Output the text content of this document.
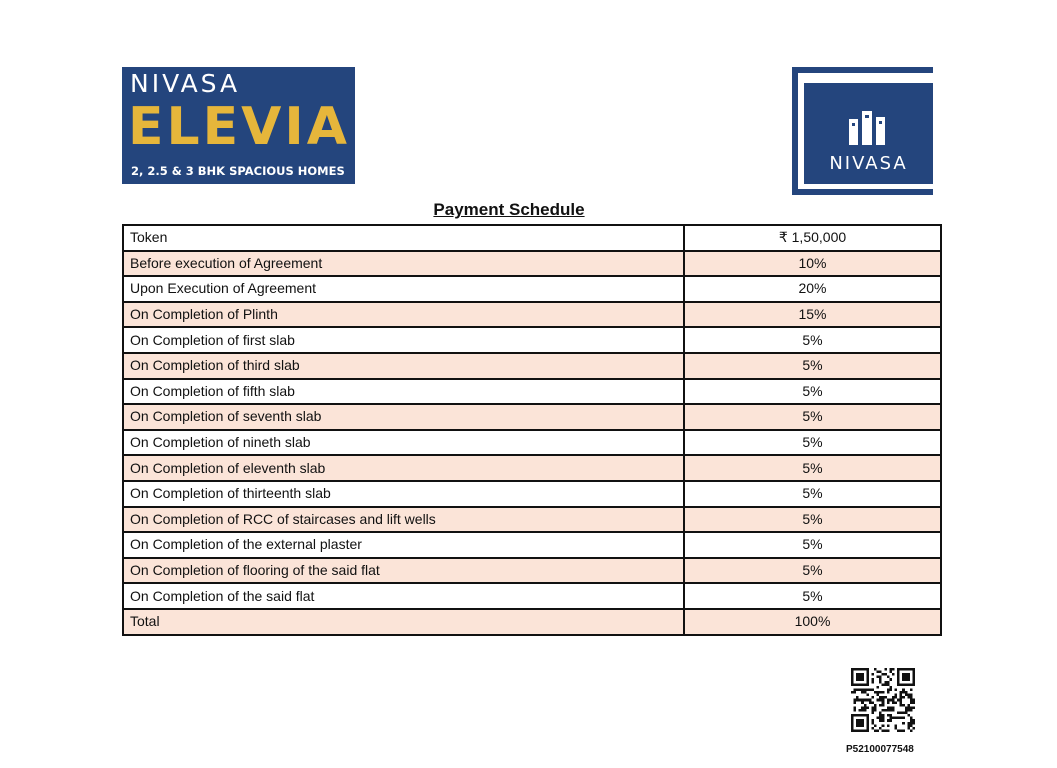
NIVASA
ELEVIA
2, 2.5 & 3 BHK SPACIOUS HOMES	NIVASA
Payment Schedule
Token	₹ 1,50,000
Before execution of Agreement	10%
Upon Execution of Agreement	20%
On Completion of Plinth	15%
On Completion of first slab	5%
On Completion of third slab	5%
On Completion of fifth slab	5%
On Completion of seventh slab	5%
On Completion of nineth slab	5%
On Completion of eleventh slab	5%
On Completion of thirteenth slab	5%
On Completion of RCC of staircases and lift wells	5%
On Completion of the external plaster	5%
On Completion of flooring of the said flat	5%
On Completion of the said flat	5%
Total	100%
P52100077548
